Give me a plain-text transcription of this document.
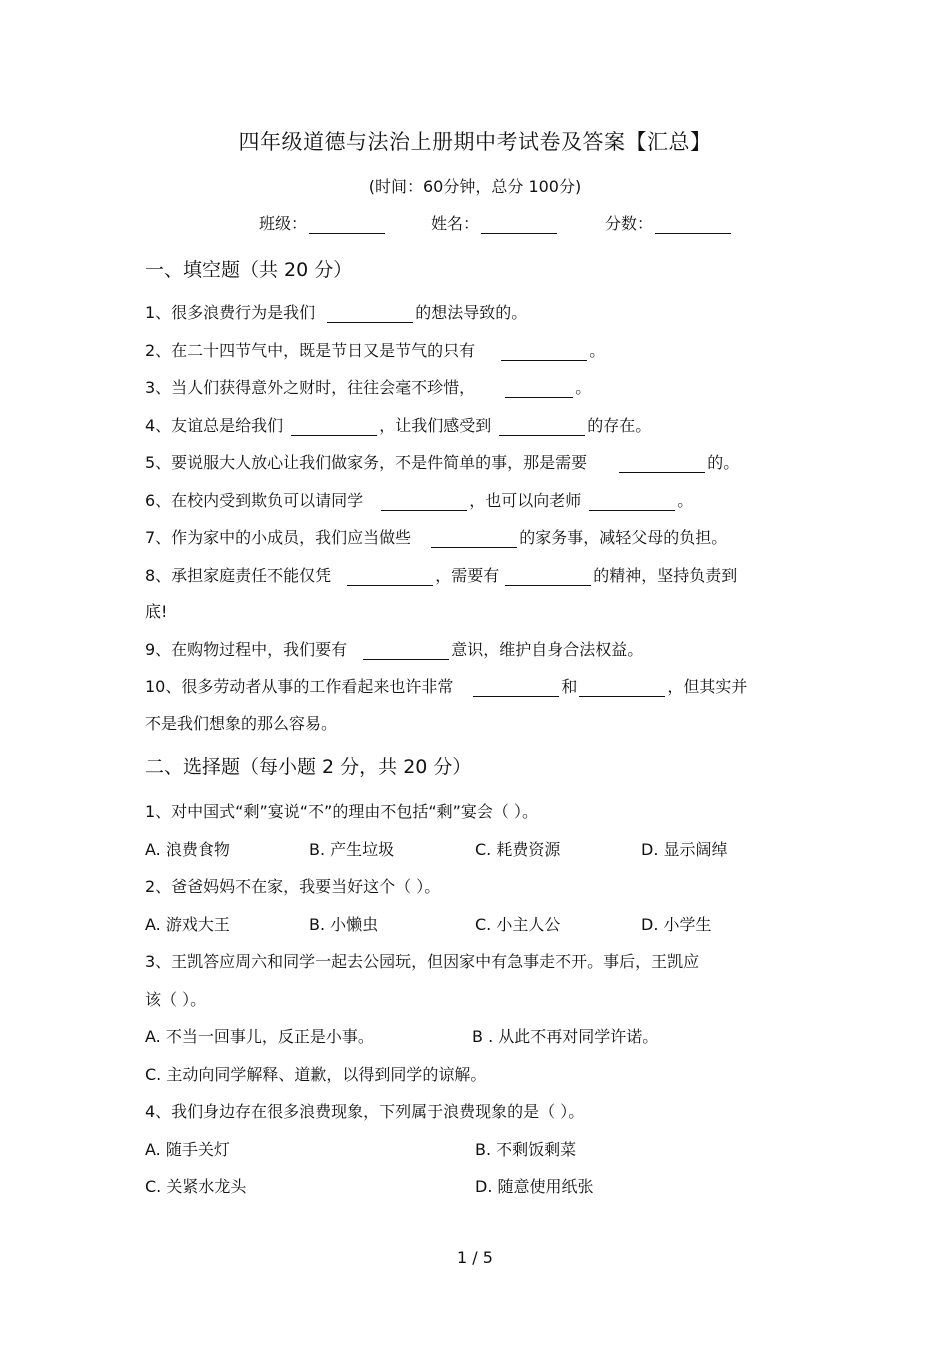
四年级道德与法治上册期中考试卷及答案【汇总】
(时间：60分钟，总分 100分)
班级：	姓名：	分数：
一、填空题（共 20 分）
1、很多浪费行为是我们	的想法导致的。
2、在二十四节气中，既是节日又是节气的只有	。
3、当人们获得意外之财时，往往会毫不珍惜，	。
4、友谊总是给我们	，让我们感受到	的存在。
5、要说服大人放心让我们做家务，不是件简单的事，那是需要	的。
6、在校内受到欺负可以请同学	，也可以向老师	。
7、作为家中的小成员，我们应当做些	的家务事，减轻父母的负担。
8、承担家庭责任不能仅凭	，需要有	的精神，坚持负责到
底!
9、在购物过程中，我们要有	意识，维护自身合法权益。
10、很多劳动者从事的工作看起来也许非常	和	，但其实并
不是我们想象的那么容易。
二、选择题（每小题 2 分，共 20 分）
1、对中国式“剩”宴说“不”的理由不包括“剩”宴会（ ）。
A. 浪费食物	B. 产生垃圾	C. 耗费资源	D. 显示阔绰
2、爸爸妈妈不在家，我要当好这个（ ）。
A. 游戏大王	B. 小懒虫	C. 小主人公	D. 小学生
3、王凯答应周六和同学一起去公园玩，但因家中有急事走不开。事后，王凯应
该（ ）。
A. 不当一回事儿，反正是小事。	B . 从此不再对同学许诺。
C. 主动向同学解释、道歉，以得到同学的谅解。
4、我们身边存在很多浪费现象，下列属于浪费现象的是（ ）。
A. 随手关灯	B. 不剩饭剩菜
C. 关紧水龙头	D. 随意使用纸张
1 / 5
